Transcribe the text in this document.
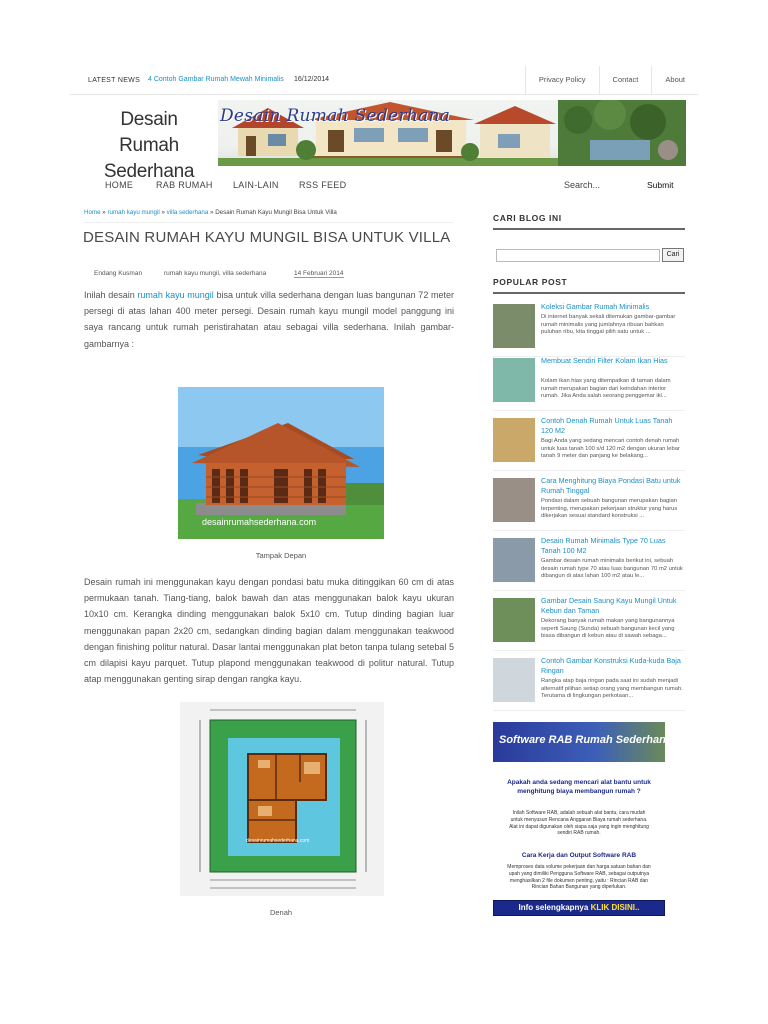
LATEST NEWS 4 Contoh Gambar Rumah Mewah Minimalis 16/12/2014	Privacy Policy	Contact	About
Desain Rumah
Sederhana
Desain Rumah Sederhana
HOME	RAB RUMAH LAIN-LAIN RSS FEED	Search...	Submit
Home » rumah kayu mungil » villa sederhana » Desain Rumah Kayu Mungil Bisa Untuk Villa
DESAIN RUMAH KAYU MUNGIL BISA UNTUK VILLA
Endang Kusman	rumah kayu mungil, villa sederhana	14 Februari 2014

Inilah desain rumah kayu mungil bisa untuk villa sederhana dengan luas bangunan 72 meter persegi di atas lahan 400 meter persegi. Desain rumah kayu mungil model panggung ini saya rancang untuk rumah peristirahatan atau sebagai villa sederhana. Inilah gambar-gambarnya :

desainrumahsederhana.com
Tampak Depan

Desain rumah ini menggunakan kayu dengan pondasi batu muka ditinggikan 60 cm di atas permukaan tanah. Tiang-tiang, balok bawah dan atas menggunakan balok kayu ukuran 10x10 cm. Kerangka dinding menggunakan balok 5x10 cm. Tutup dinding bagian luar menggunakan papan 2x20 cm, sedangkan dinding bagian dalam menggunakan teakwood dengan finishing politur natural. Dasar lantai menggunakan plat beton tanpa tulang setebal 5 cm dilapisi kayu parquet. Tutup plapond menggunakan teakwood di politur natural. Tutup atap menggunakan genting sirap dengan rangka kayu.

desainrumahsederhana.com
Denah
CARI BLOG INI
Cari
POPULAR POST
Koleksi Gambar Rumah Minimalis
Di internet banyak sekali ditemukan gambar-gambar rumah minimalis yang jumlahnya ribuan bahkan puluhan ribu, kita tinggal pilih satu untuk ...
Membuat Sendiri Filter Kolam Ikan Hias
Kolam ikan hias yang ditempatkan di taman dalam rumah merupakan bagian dari keindahan interior rumah. Jika Anda salah seorang penggemar ikl...
Contoh Denah Rumah Untuk Luas Tanah 120 M2
Bagi Anda yang sedang mencari contoh denah rumah untuk luas tanah 100 s/d 120 m2 dengan ukuran lebar tanah 9 meter dan panjang ke belakang...
Cara Menghitung Biaya Pondasi Batu untuk Rumah Tinggal
Pondasi dalam sebuah bangunan merupakan bagian terpenting, merupakan pekerjaan struktur yang harus dikerjakan sesuai standard konstruksi ...
Desain Rumah Minimalis Type 70 Luas Tanah 100 M2
Gambar desain rumah minimalis berikut ini, sebuah desain rumah type 70 atau luas bangunan 70 m2 untuk dibangun di atas lahan 100 m2 atau le...
Gambar Desain Saung Kayu Mungil Untuk Kebun dan Taman
Dekorang banyak rumah makan yang bangunannya seperti Saung (Sunda) sebuah bangunan kecil yang biasa dibangun di kebun atau di sawah sebaga...
Contoh Gambar Konstruksi Kuda-kuda Baja Ringan
Rangka atap baja ringan pada saat ini sudah menjadi alternatif pilihan setiap orang yang membangun rumah. Terutama di lingkungan perkotaan...
Software RAB Rumah Sederhana
Apakah anda sedang mencari alat bantu untuk menghitung biaya membangun rumah ?
Inilah Software RAB, adalah sebuah alat bantu, cara mudah untuk menyusun Rencana Anggaran Biaya rumah sederhana. Alat ini dapat digunakan oleh siapa saja yang ingin menghitung sendiri RAB rumah.
Cara Kerja dan Output Software RAB
Memproses data volume pekerjaan dan harga satuan bahan dan upah yang dimiliki Pengguna Software RAB, sebagai outputnya menghasilkan 2 file dokumen penting, yaitu : Rincian RAB dan Rincian Bahan Bangunan yang diperlukan.
Info selengkapnya KLIK DISINI..
